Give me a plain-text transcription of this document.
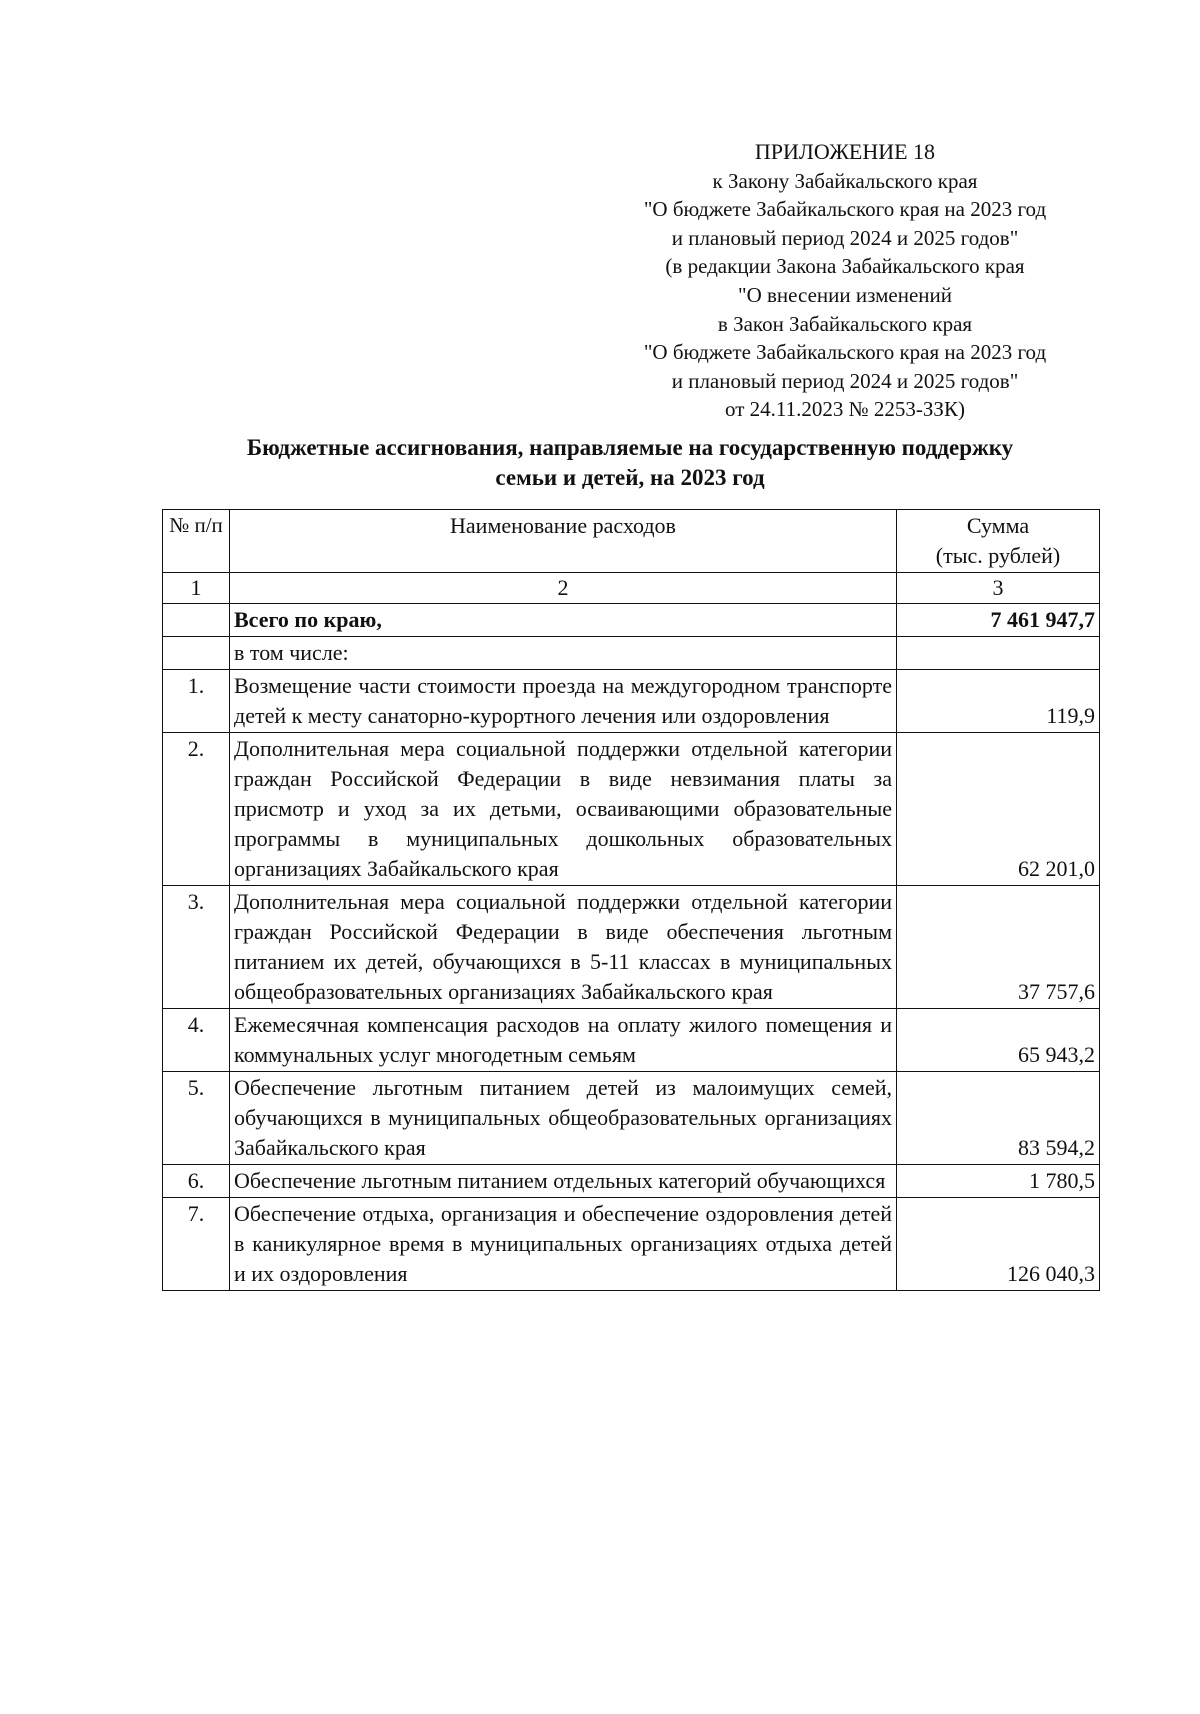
ПРИЛОЖЕНИЕ 18
к Закону Забайкальского края
"О бюджете Забайкальского края на 2023 год
и плановый период 2024 и 2025 годов"
(в редакции Закона Забайкальского края
"О внесении изменений
в Закон Забайкальского края
"О бюджете Забайкальского края на 2023 год
и плановый период 2024 и 2025 годов"
от 24.11.2023 № 2253-ЗЗК)
Бюджетные ассигнования, направляемые на государственную поддержку
семьи и детей, на 2023 год
№ п/п	Наименование расходов	Сумма
(тыс. рублей)

1	2	3
	Всего по краю,	7 461 947,7
	в том числе:	
1.	Возмещение части стоимости проезда на междугородном транспорте детей к месту санаторно-курортного лечения или оздоровления	119,9
2.	Дополнительная мера социальной поддержки отдельной категории граждан Российской Федерации в виде невзимания платы за присмотр и уход за их детьми, осваивающими образовательные программы в муниципальных дошкольных образовательных организациях Забайкальского края	62 201,0
3.	Дополнительная мера социальной поддержки отдельной категории граждан Российской Федерации в виде обеспечения льготным питанием их детей, обучающихся в 5-11 классах в муниципальных общеобразовательных организациях Забайкальского края	37 757,6
4.	Ежемесячная компенсация расходов на оплату жилого помещения и коммунальных услуг многодетным семьям	65 943,2
5.	Обеспечение льготным питанием детей из малоимущих семей, обучающихся в муниципальных общеобразовательных организациях Забайкальского края	83 594,2
6.	Обеспечение льготным питанием отдельных категорий обучающихся	1 780,5
7.	Обеспечение отдыха, организация и обеспечение оздоровления детей в каникулярное время в муниципальных организациях отдыха детей и их оздоровления	126 040,3
